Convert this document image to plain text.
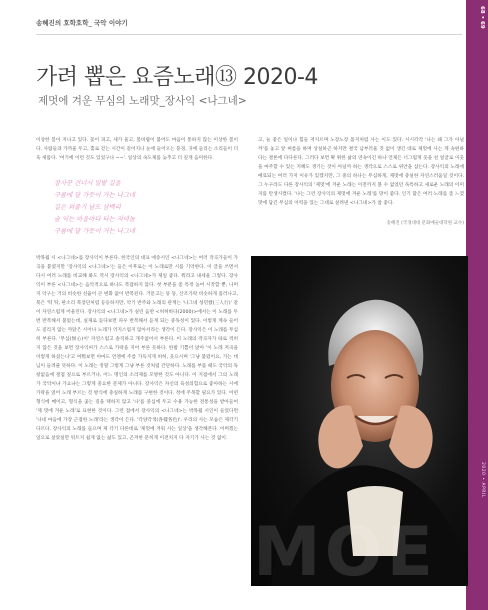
송혜진의 호학호학_ 국악 이야기	68 • 69
2020 • APRIL
가려 뽑은 요즘노래⑬ 2020-4
제멋에 겨운 무심의 노래맛_장사익 <나그네>
이상한 봄이 지나고 있다. 꽃이 피고, 새가 울고, 봄바람이 불어도 마음이 통하지 않는 이상한 봄이다. 사람들과 가까울 두고, 홀로 걷는 시간이 길어지니 눈에 들어오는 풍경, 귀에 들리는 소리들이 더욱 새롭다. '여기에 이런 것도 있었구나 ~~'. 일상의 속도제를 늦추고 더 깊게 음미한다.
장사꾼 건너서 밀밭 길을
구름에 달 가듯이 가는 나그네
길은 외줄기 남도 삼백리
술 익는 마을마다 타는 저녁놀
구름에 달 가듯이 가는 나그네
박목월 시 <나그네>를 장사익이 부른다. 한국인의 대표 애송시인 <나그네>는 여러 작곡가들이 가곡을 붙였지만 '장사익의 <나그네>'는 들은 이후로는 이 노래로만 시를 기억한다. 이 글을 쓰면서 다시 여러 노래를 비교해 봐도 역시 장사익의 <나그네>가 제일 좋다. 뭐라고 내세울 그렇다. 장사익이 부른 <나그네>는 음악적으로 하나도 복잡하지 않다. 첫 부분을 좀 특정 높여 시작할 뿐, 나머지 악구는 거의 비슷한 선율이 큰 변화 없이 반복된다. 거문고는 뚱 뚱, 산조가락 비슷하게 흘러나고, 북은 '딱 딱, 판소리 북장단처럼 등등하지만, 악기 반주와 노래의 관계는 '나그네 성민했(三人行)' 같이 자연스럽게 어울린다. 장사익의 <나그네>가 실린 음반 <허허바다(2000)>에서는 이 노래를 두 번 반복해서 불렀는데, 실제로 듣다보면 파우 반복해서 듣게 되는 중독성이 있다. 이렇게 계속 들어도 질리지 않는 까닭은 시어나 노래가 억지스럽지 않아서라는 생각이 든다. 장사익은 이 노래를 무심히 부른다. '무심(無心)이' 자연스럽고 솔직하고 개주없어서 부른다. 이 노래의 작곡자가 따로 적히지 않은 것을 보면 장사익씨가 스스로 가락을 지어 부른 듯하다. 한밤 기쁨이 앉아 '이 노래 저곡을 이렇게 하셨는나'고 여쭤보면 아마도 언젠에 주름 가득지게 허허, 웃으시며 '그냥 불렀어요, 가는 데님이 들려줄 뜻하다. 이 노래는 정말 그렇게 그냥 부른 것처럼 간단하다. 노래를 부를 때도 국악의 독창없음에 절점 짚으로 부르거나, 어느 명인의 소리제를 모방한 것도 아니다. 이 지점에서 그의 노래가 국악이냐 가요냐는 그렇게 중요한 문제가 아니다. 장사익은 자신의 육성의힘으로 좋아하는 시에 가락을 얹어 노래 부르는 것 방식에 충실하게 노래를 구현한 것이다. 정에 주목할 필요가 있다. 어떤 형식에 매이고, 형식을 좇는 길을 택하지 않고 '나'를 중심에 두고 수용 가능한 전통성을 받아들여 '제 멋에 겨운 노래'로 표현한 것이다. 그런 점에서 장사익의 <나그네>는 박목월 시인이 들었다면 '나네 마음에 가장 근접한 노래'라는 생각이 든다. '각양각색(各樣各色)'. 우리의 사는 모습은 제각기 다르다. 장사익의 노래를 들으며 제 각기 다른데로 '제멋에 겨워 사는 일상'을 생각해본다. 어쩌겠는 일으로 살았실만 뒤트지 쉽게 없는 삶도 있고, 곤저한 문히게 이전치지 다 자기가 사는 것 없이.
고, 늘 좋은 일이나 힘들 저지르며 노장노장 틀지처럼 사는 이도 있다. 시시각각 '나는 왜 그가 아닐까'를 놓고 앞 써름을 하며 상실하곤 하지만 결국 남부러울 것 없이 생긴 대로 제멋에 사는 게 속편하다는 결론에 다다른다. 그러다 보면 확 튀한 삶의 연속이긴 하나 언제든 너그럽게 웃을 친 얼굴로 이웃을 마주할 수 있는 지혜도 생기는 것이 아닐까 하는 생각으로 스스로 위안을 삼는다. 장사익의 노래에 매료되는 여러 가지 이유가 있겠지만, 그 중의 하나는 무심하게, 제멋에 충실한 자연스러움일 것이다. 그 누구라도 다른 장사익의 '제멋'에 겨운 노래는 이전까지 볼 수 없었던 독특하고 새로운 노래의 이미지를 탄생시켰다. '나는 그런 장사익의 제멋에 겨운 노래'를 망이 좋다. 인기 많은 여러 노래를 좀 느껐맛에 담긴 무심의 이력을 있는 그대로 살려낸 <나그네>가 참 좋다.
송혜진 (국경대대 문화예술대학원 교수)
MOE
